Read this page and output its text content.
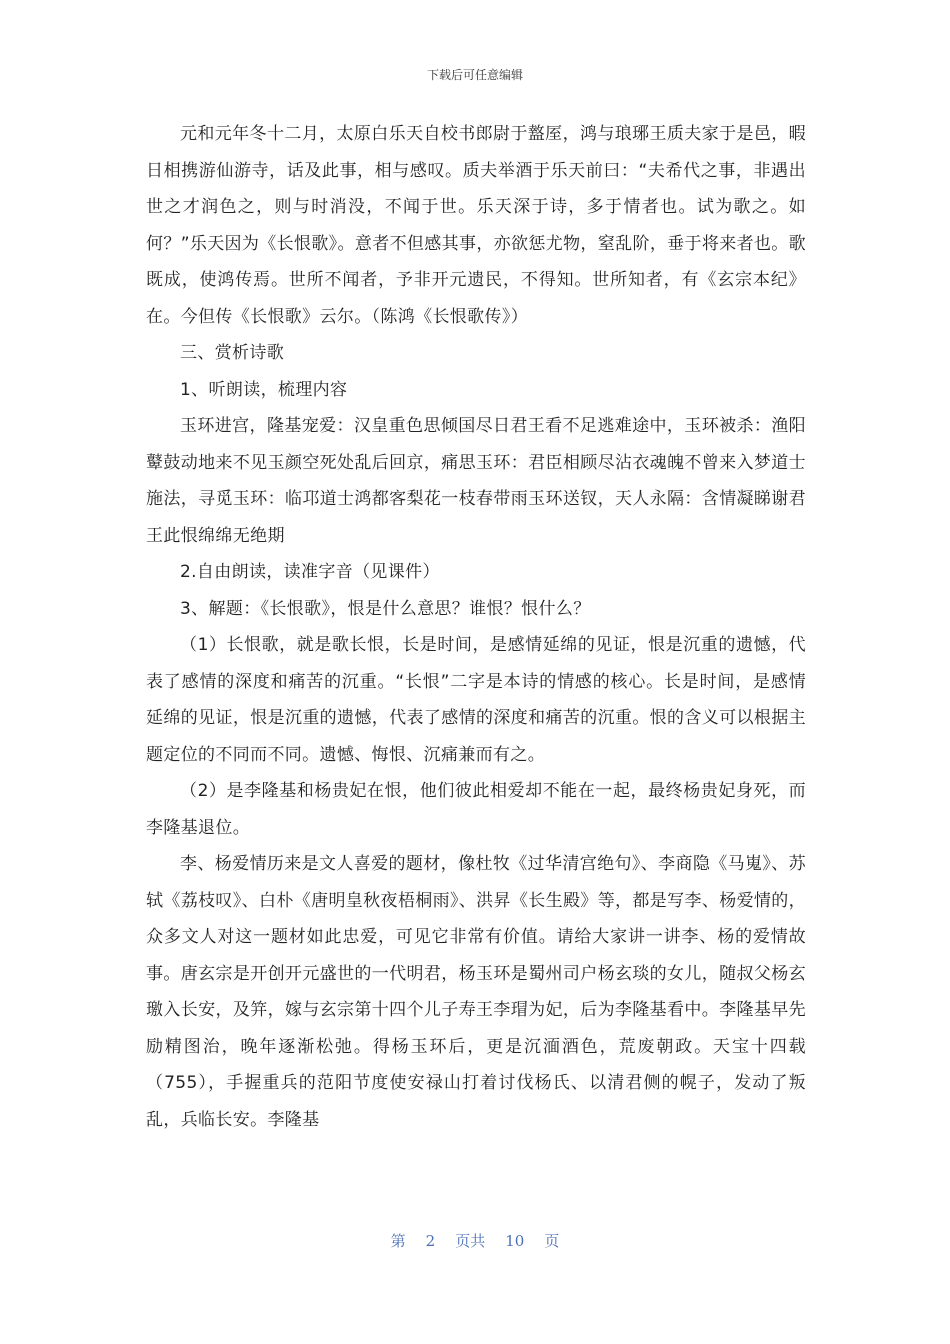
下载后可任意编辑

元和元年冬十二月，太原白乐天自校书郎尉于盩厔，鸿与琅琊王质夫家于是邑，暇日相携游仙游寺，话及此事，相与感叹。质夫举酒于乐天前曰：“夫希代之事，非遇出世之才润色之，则与时消没，不闻于世。乐天深于诗，多于情者也。试为歌之。如何？”乐天因为《长恨歌》。意者不但感其事，亦欲惩尤物，窒乱阶，垂于将来者也。歌既成，使鸿传焉。世所不闻者，予非开元遗民，不得知。世所知者，有《玄宗本纪》在。今但传《长恨歌》云尔。（陈鸿《长恨歌传》）

三、赏析诗歌

1、听朗读，梳理内容

玉环进宫，隆基宠爱：汉皇重色思倾国尽日君王看不足逃难途中，玉环被杀：渔阳鼙鼓动地来不见玉颜空死处乱后回京，痛思玉环：君臣相顾尽沾衣魂魄不曾来入梦道士施法，寻觅玉环：临邛道士鸿都客梨花一枝春带雨玉环送钗，天人永隔：含情凝睇谢君王此恨绵绵无绝期

2.自由朗读，读准字音（见课件）

3、解题：《长恨歌》，恨是什么意思？谁恨？恨什么？

（1）长恨歌，就是歌长恨，长是时间，是感情延绵的见证，恨是沉重的遗憾，代表了感情的深度和痛苦的沉重。“长恨”二字是本诗的情感的核心。长是时间，是感情延绵的见证，恨是沉重的遗憾，代表了感情的深度和痛苦的沉重。恨的含义可以根据主题定位的不同而不同。遗憾、悔恨、沉痛兼而有之。

（2）是李隆基和杨贵妃在恨，他们彼此相爱却不能在一起，最终杨贵妃身死，而李隆基退位。

李、杨爱情历来是文人喜爱的题材，像杜牧《过华清宫绝句》、李商隐《马嵬》、苏轼《荔枝叹》、白朴《唐明皇秋夜梧桐雨》、洪昇《长生殿》等，都是写李、杨爱情的，众多文人对这一题材如此忠爱，可见它非常有价值。请给大家讲一讲李、杨的爱情故事。唐玄宗是开创开元盛世的一代明君，杨玉环是蜀州司户杨玄琰的女儿，随叔父杨玄璬入长安，及笄，嫁与玄宗第十四个儿子寿王李瑁为妃，后为李隆基看中。李隆基早先励精图治，晚年逐渐松弛。得杨玉环后，更是沉湎酒色，荒废朝政。天宝十四载（755），手握重兵的范阳节度使安禄山打着讨伐杨氏、以清君侧的幌子，发动了叛乱，兵临长安。李隆基

第 2 页共 10 页
